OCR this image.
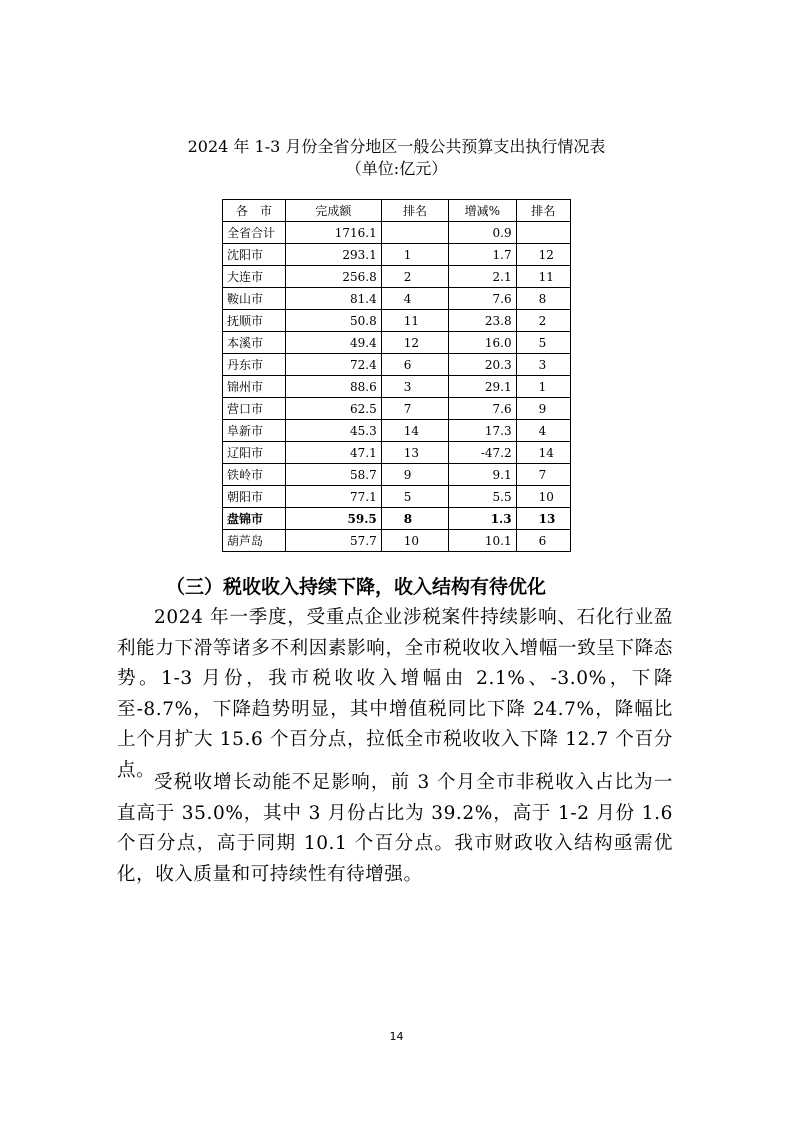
2024 年 1-3 月份全省分地区一般公共预算支出执行情况表
（单位:亿元）
各　市	完成额	排名	增减%	排名
全省合计	1716.1		0.9	
沈阳市	293.1	1	1.7	12
大连市	256.8	2	2.1	11
鞍山市	81.4	4	7.6	8
抚顺市	50.8	11	23.8	2
本溪市	49.4	12	16.0	5
丹东市	72.4	6	20.3	3
锦州市	88.6	3	29.1	1
营口市	62.5	7	7.6	9
阜新市	45.3	14	17.3	4
辽阳市	47.1	13	-47.2	14
铁岭市	58.7	9	9.1	7
朝阳市	77.1	5	5.5	10
盘锦市	59.5	8	1.3	13
葫芦岛	57.7	10	10.1	6
（三）税收收入持续下降，收入结构有待优化

2024 年一季度，受重点企业涉税案件持续影响、石化行业盈利能力下滑等诸多不利因素影响，全市税收收入增幅一致呈下降态势。1-3 月份，我市税收收入增幅由 2.1%、-3.0%，下降至-8.7%，下降趋势明显，其中增值税同比下降 24.7%，降幅比上个月扩大 15.6 个百分点，拉低全市税收收入下降 12.7 个百分点。

受税收增长动能不足影响，前 3 个月全市非税收入占比为一直高于 35.0%，其中 3 月份占比为 39.2%，高于 1-2 月份 1.6 个百分点，高于同期 10.1 个百分点。我市财政收入结构亟需优化，收入质量和可持续性有待增强。

14
